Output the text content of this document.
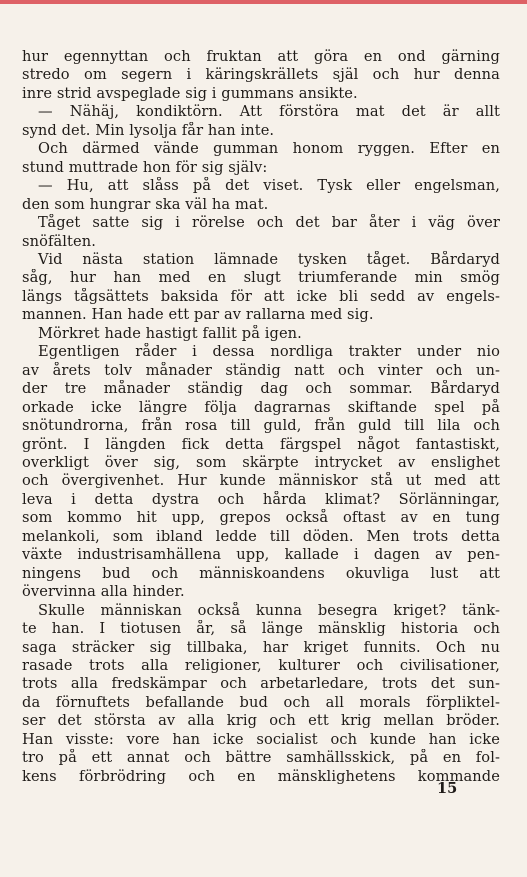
hur egennyttan och fruktan att göra en ond gärning
stredo om segern i käringskrällets själ och hur denna
inre strid avspeglade sig i gummans ansikte.
— Nähäj, kondiktörn. Att förstöra mat det är allt
synd det. Min lysolja får han inte.
Och därmed vände gumman honom ryggen. Efter en
stund muttrade hon för sig själv:
— Hu, att slåss på det viset. Tysk eller engelsman,
den som hungrar ska väl ha mat.
Tåget satte sig i rörelse och det bar åter i väg över
snöfälten.
Vid nästa station lämnade tysken tåget. Bårdaryd
såg, hur han med en slugt triumferande min smög
längs tågsättets baksida för att icke bli sedd av engels-
mannen. Han hade ett par av rallarna med sig.
Mörkret hade hastigt fallit på igen.
Egentligen råder i dessa nordliga trakter under nio
av årets tolv månader ständig natt och vinter och un-
der tre månader ständig dag och sommar. Bårdaryd
orkade icke längre följa dagrarnas skiftande spel på
snötundrorna, från rosa till guld, från guld till lila och
grönt. I längden fick detta färgspel något fantastiskt,
overkligt över sig, som skärpte intrycket av enslighet
och övergivenhet. Hur kunde människor stå ut med att
leva i detta dystra och hårda klimat? Sörlänningar,
som kommo hit upp, grepos också oftast av en tung
melankoli, som ibland ledde till döden. Men trots detta
växte industrisamhällena upp, kallade i dagen av pen-
ningens bud och människoandens okuvliga lust att
övervinna alla hinder.
Skulle människan också kunna besegra kriget? tänk-
te han. I tiotusen år, så länge mänsklig historia och
saga sträcker sig tillbaka, har kriget funnits. Och nu
rasade trots alla religioner, kulturer och civilisationer,
trots alla fredskämpar och arbetarledare, trots det sun-
da förnuftets befallande bud och all morals förpliktel-
ser det största av alla krig och ett krig mellan bröder.
Han visste: vore han icke socialist och kunde han icke
tro på ett annat och bättre samhällsskick, på en fol-
kens förbrödring och en mänsklighetens kommande
15
